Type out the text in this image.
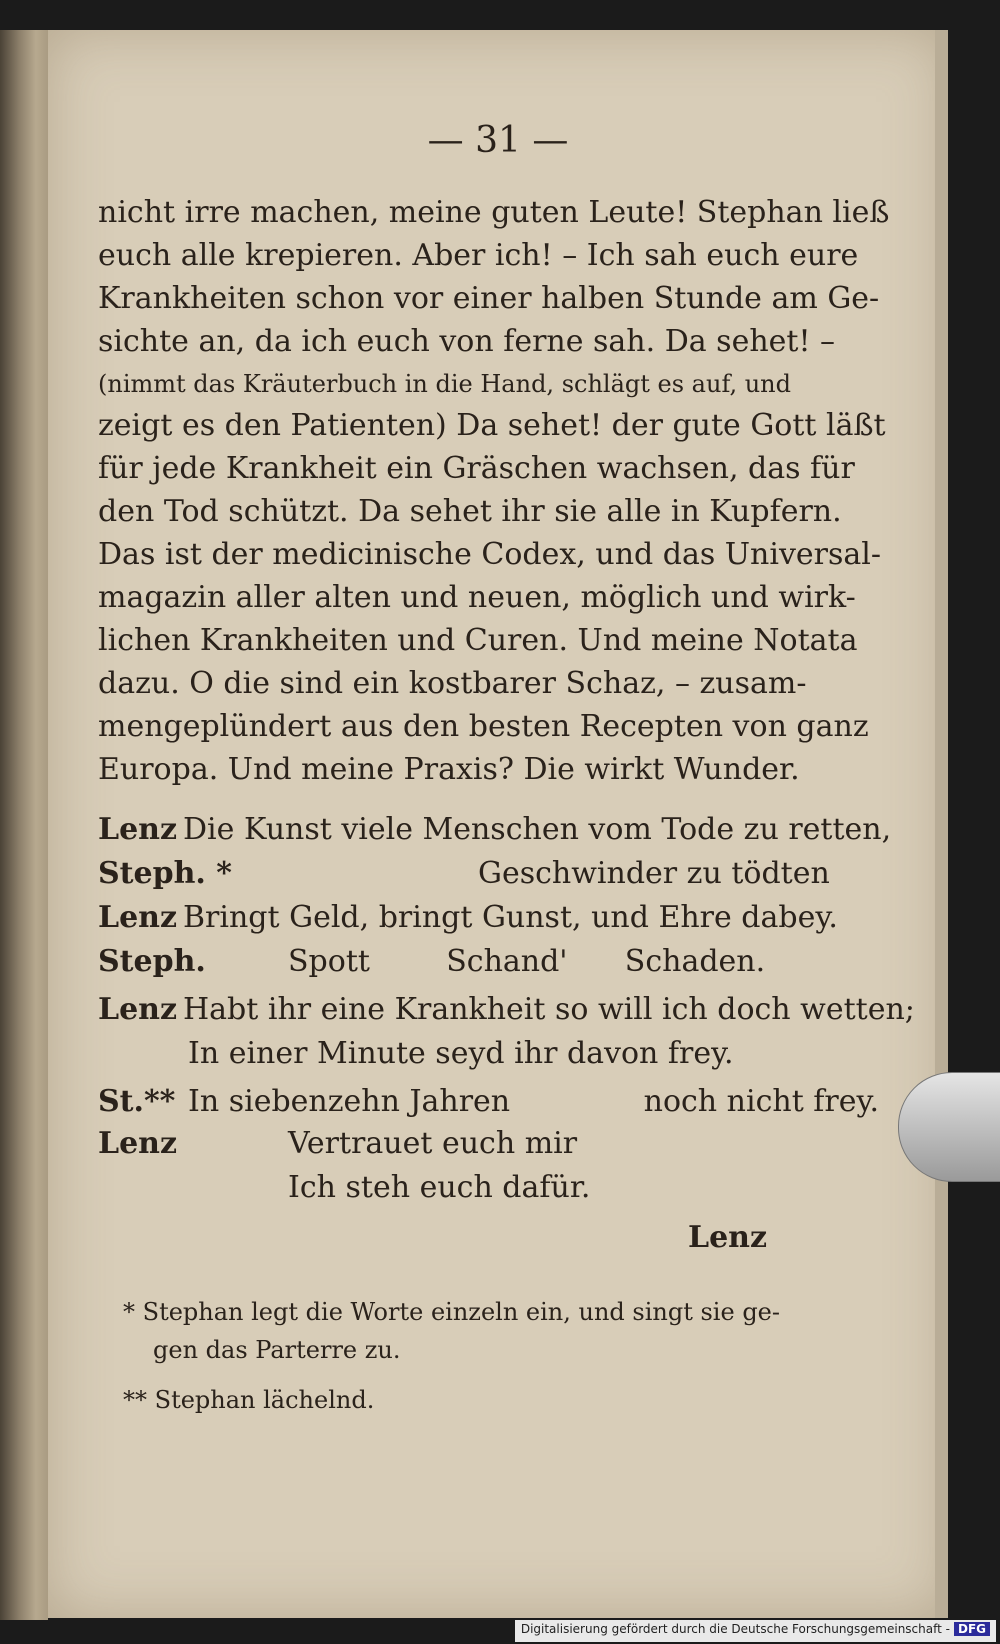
— 31 —
nicht irre machen, meine guten Leute! Stephan ließ
euch alle krepieren. Aber ich! – Ich sah euch eure
Krankheiten schon vor einer halben Stunde am Ge-
sichte an, da ich euch von ferne sah. Da sehet! –
(nimmt das Kräuterbuch in die Hand, schlägt es auf, und
zeigt es den Patienten) Da sehet! der gute Gott läßt
für jede Krankheit ein Gräschen wachsen, das für
den Tod schützt. Da sehet ihr sie alle in Kupfern.
Das ist der medicinische Codex, und das Universal-
magazin aller alten und neuen, möglich und wirk-
lichen Krankheiten und Curen. Und meine Notata
dazu. O die sind ein kostbarer Schaz, – zusam-
mengeplündert aus den besten Recepten von ganz
Europa. Und meine Praxis? Die wirkt Wunder.
Lenz Die Kunst viele Menschen vom Tode zu retten,
Steph. *	Geschwinder zu tödten
Lenz Bringt Geld, bringt Gunst, und Ehre dabey.
Steph.	Spott        Schand'      Schaden.
Lenz Habt ihr eine Krankheit so will ich doch wetten;
In einer Minute seyd ihr davon frey.
St.** In siebenzehn Jahren              noch nicht frey.
Lenz	Vertrauet euch mir
Ich steh euch dafür.
Lenz
* Stephan legt die Worte einzeln ein, und singt sie ge-
gen das Parterre zu.
** Stephan lächelnd.
Digitalisierung gefördert durch die Deutsche Forschungsgemeinschaft - DFG
